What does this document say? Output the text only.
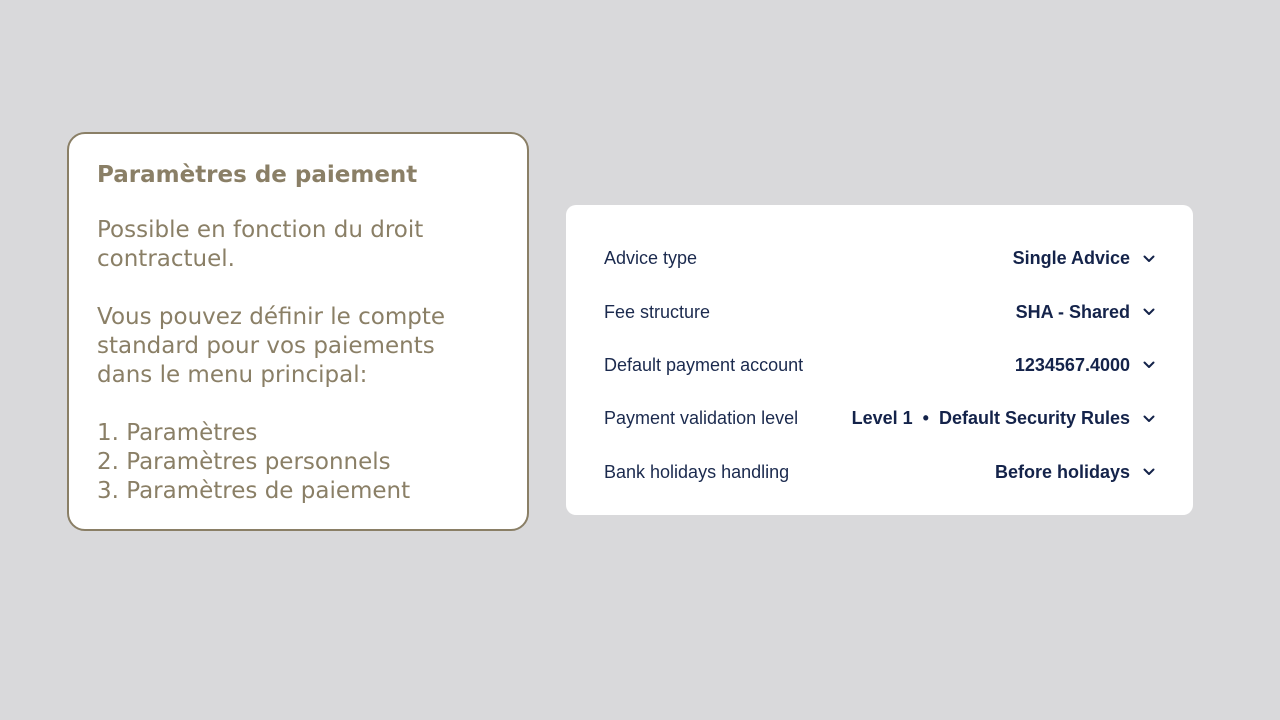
Paramètres de paiement
Possible en fonction du droit
contractuel.
Vous pouvez définir le compte
standard pour vos paiements
dans le menu principal:
1. Paramètres
2. Paramètres personnels
3. Paramètres de paiement
Advice type	Single Advice
Fee structure	SHA - Shared
Default payment account	1234567.4000
Payment validation level	Level 1  •  Default Security Rules
Bank holidays handling	Before holidays
